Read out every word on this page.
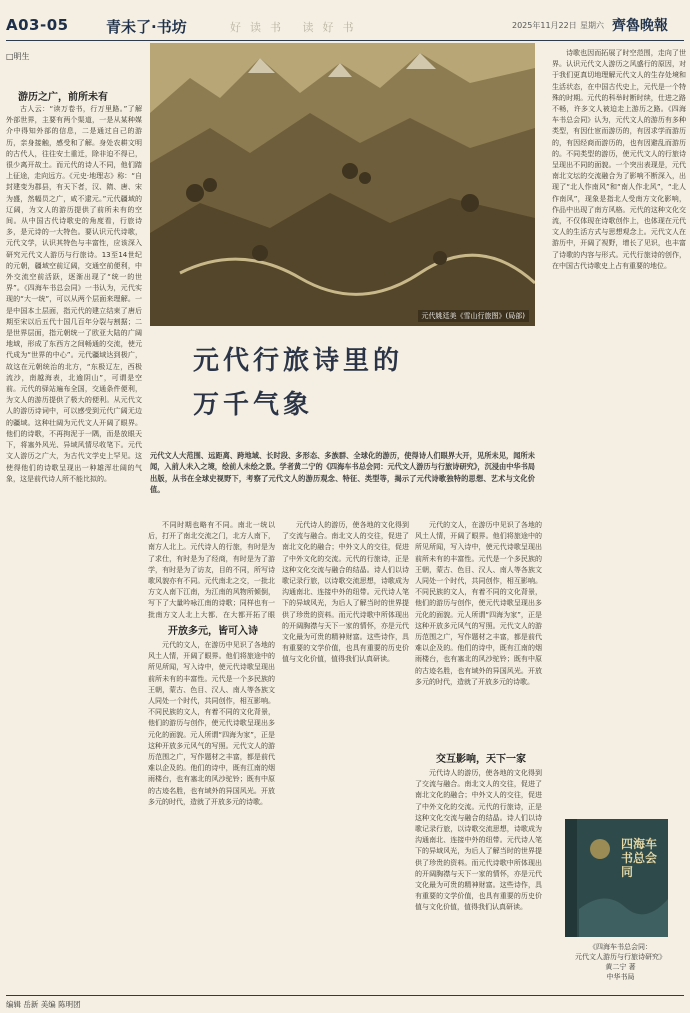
A03-05 青未了·书坊	好读书 读好书	2025年11月22日 星期六 齊魯晚報
□明生
元代姚廷美《雪山行旅图》(局部)
元代行旅诗里的
万千气象
元代文人大范围、远距离、跨地域、长时段、多形态、多族群、全球化的游历，使得诗人们眼界大开，见所未见，闻所未闻，入前人未入之境，绘前人未绘之景。学者黄二宁的《四海车书总会同：元代文人游历与行旅诗研究》，沉浸由中华书局出版，从书在全球史视野下，考察了元代文人的游历观念、特征、类型等，揭示了元代诗歌独特的思想、艺术与文化价值。
游历之广，前所未有

古人云：“读万卷书，行万里路。”了解外部世界，主要有两个渠道，一是从某种媒介中得知外部的信息，二是通过自己的游历，亲身接触，感受和了解。身处农耕文明的古代人，往往安土重迁，除非迫不得已，很少离开故土。而元代的诗人不同，他们踏上征途，走向远方。《元史·地理志》称：“自封建变为郡县，有天下者，汉、隋、唐、宋为盛，然幅员之广，咸不逮元。”元代疆域的辽阔，为文人的游历提供了前所未有的空间。从中国古代诗歌史的角度看，行旅诗多，是元诗的一大特色。要认识元代诗歌，元代文学，认识其特色与丰富性，应该深入研究元代文人游历与行旅诗。13至14世纪的元朝，疆域空前辽阔，交通空前便利，中外交流空前活跃，逐渐出现了“统一的世界”。《四海车书总会同》一书认为，元代实现的“大一统”，可以从两个层面来理解。一是中国本土层面，指元代的建立结束了唐后期至宋以后五代十国几百年分裂与割据；二是世界层面，指元朝统一了欧亚大陆的广阔地域，形成了东西方之间畅通的交流，使元代成为“世界的中心”。元代疆域达到极广，故这在元朝统治的北方，“东极辽左，西极流沙，南越海表，北逾阴山”，可谓是空前。元代的驿站遍布全国，交通条件便利，为文人的游历提供了极大的便利。从元代文人的游历诗词中，可以感受到元代广阔无边的疆域。这种壮阔为元代文人开阔了眼界。他们的诗歌，不再拘泥于一隅，而是放眼天下，将塞外风光、异域风情尽收笔下。元代文人游历之广大，为古代文学史上罕见。这使得他们的诗歌呈现出一种雄浑壮阔的气象，这是前代诗人所不能比拟的。

不同时期也略有不同。南北一统以后，打开了南北交流之门，北方人南下，南方人北上。元代诗人的行旅，有时是为了求仕，有时是为了经商，有时是为了游学，有时是为了访友，目的不同，所写诗歌风貌亦有不同。元代南北之交，一批北方文人南下江南，为江南的风物所倾倒，写下了大量吟咏江南的诗歌；同样也有一批南方文人北上大都，在大都开拓了眼

开放多元，皆可入诗

元代的文人，在游历中见识了各地的风土人情，开阔了眼界。他们将旅途中的所见所闻，写入诗中，使元代诗歌呈现出前所未有的丰富性。元代是一个多民族的王朝，蒙古、色目、汉人、南人等各族文人同处一个时代，共同创作，相互影响。不同民族的文人，有着不同的文化背景，他们的游历与创作，使元代诗歌呈现出多元化的面貌。元人所谓“四海为家”，正是这种开放多元风气的写照。元代文人的游历范围之广，写作题材之丰富，都是前代难以企及的。他们的诗中，既有江南的烟雨楼台，也有塞北的风沙驼铃；既有中原的古迹名胜，也有域外的异国风光。开放多元的时代，造就了开放多元的诗歌。

元代诗人的游历，使各地的文化得到了交流与融合。南北文人的交往，促进了南北文化的融合；中外文人的交往，促进了中外文化的交流。元代的行旅诗，正是这种文化交流与融合的结晶。诗人们以诗歌记录行旅，以诗歌交流思想，诗歌成为沟通南北、连接中外的纽带。元代诗人笔下的异域风光，为后人了解当时的世界提供了珍贵的资料。而元代诗歌中所体现出的开阔胸襟与天下一家的情怀，亦是元代文化最为可贵的精神财富。这些诗作，具有重要的文学价值，也具有重要的历史价值与文化价值，值得我们认真研读。

元代的文人，在游历中见识了各地的风土人情，开阔了眼界。他们将旅途中的所见所闻，写入诗中，使元代诗歌呈现出前所未有的丰富性。元代是一个多民族的王朝，蒙古、色目、汉人、南人等各族文人同处一个时代，共同创作，相互影响。不同民族的文人，有着不同的文化背景，他们的游历与创作，使元代诗歌呈现出多元化的面貌。元人所谓“四海为家”，正是这种开放多元风气的写照。元代文人的游历范围之广，写作题材之丰富，都是前代难以企及的。他们的诗中，既有江南的烟雨楼台，也有塞北的风沙驼铃；既有中原的古迹名胜，也有域外的异国风光。开放多元的时代，造就了开放多元的诗歌。

交互影响，天下一家

元代诗人的游历，使各地的文化得到了交流与融合。南北文人的交往，促进了南北文化的融合；中外文人的交往，促进了中外文化的交流。元代的行旅诗，正是这种文化交流与融合的结晶。诗人们以诗歌记录行旅，以诗歌交流思想，诗歌成为沟通南北、连接中外的纽带。元代诗人笔下的异域风光，为后人了解当时的世界提供了珍贵的资料。而元代诗歌中所体现出的开阔胸襟与天下一家的情怀，亦是元代文化最为可贵的精神财富。这些诗作，具有重要的文学价值，也具有重要的历史价值与文化价值，值得我们认真研读。

诗歌也因而拓展了时空范围，走向了世界。认识元代文人游历之风盛行的原因，对于我们更真切地理解元代文人的生存处境和生活状态，在中国古代史上，元代是一个特殊的时期。元代的科举时断时续，仕进之路不畅，许多文人被迫走上游历之路。《四海车书总会同》认为，元代文人的游历有多种类型，有因仕宦而游历的，有因求学而游历的，有因经商而游历的，也有因避乱而游历的。不同类型的游历，使元代文人的行旅诗呈现出不同的面貌。一个突出表现是，元代南北文坛的交流融合为了影响不断深入，出现了“北人作南风”和“南人作北风”，“北人作南风”，现象是指北人受南方文化影响，作品中出现了南方风格。元代的这种文化交流，不仅体现在诗歌创作上，也体现在元代文人的生活方式与思想观念上。元代文人在游历中，开阔了视野，增长了见识，也丰富了诗歌的内容与形式。元代行旅诗的创作，在中国古代诗歌史上占有重要的地位。

四海车书总会同
《四海车书总会同：
元代文人游历与行旅诗研究》
黄二宁 著
中华书局
编辑 岳新 美编 陈明团
